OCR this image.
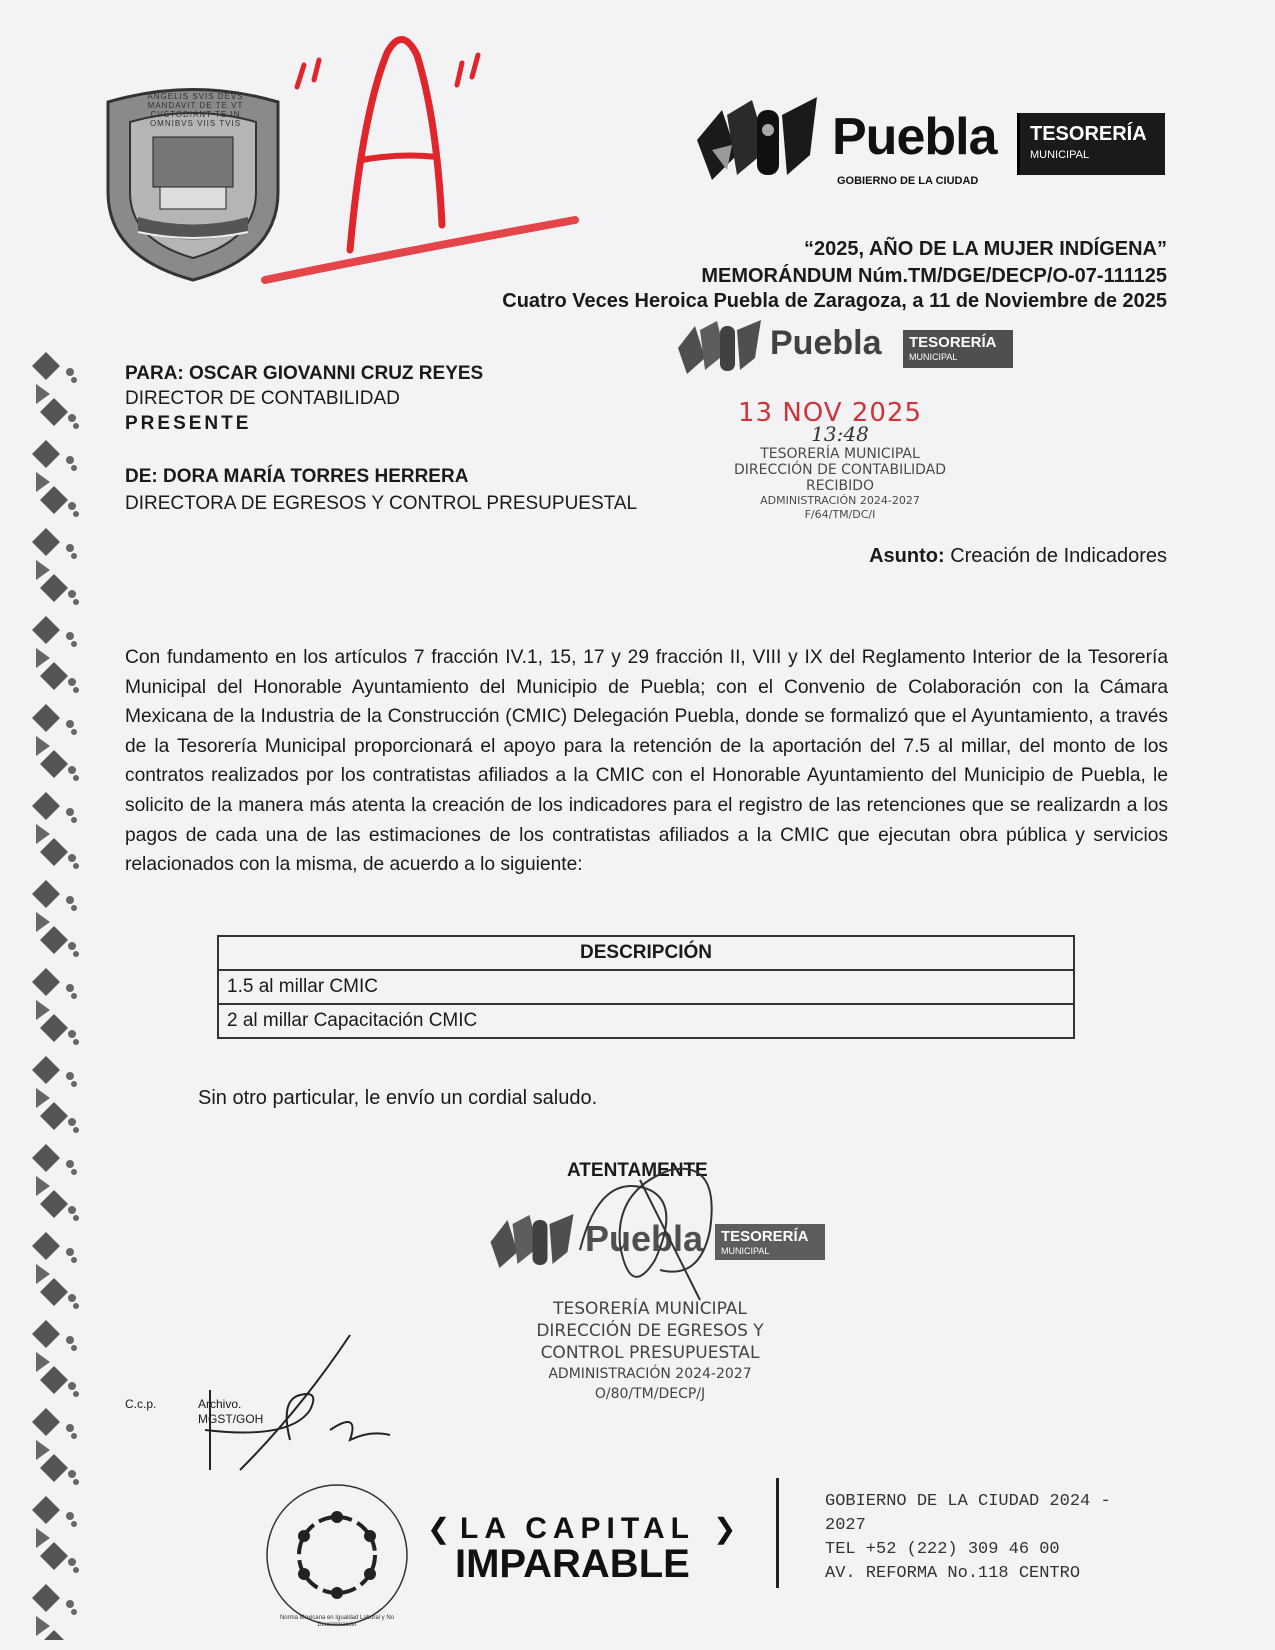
ANGELIS SVIS DEVS MANDAVIT DE TE VT CVSTODIANT TE IN OMNIBVS VIIS TVIS	Puebla
GOBIERNO DE LA CIUDAD
TESORERÍA
MUNICIPAL
“2025, AÑO DE LA MUJER INDÍGENA”
MEMORÁNDUM Núm.TM/DGE/DECP/O-07-111125
Cuatro Veces Heroica Puebla de Zaragoza, a 11 de Noviembre de 2025
Puebla TESORERÍA
MUNICIPAL
PARA: OSCAR GIOVANNI CRUZ REYES
DIRECTOR DE CONTABILIDAD
PRESENTE
DE: DORA MARÍA TORRES HERRERA
DIRECTORA DE EGRESOS Y CONTROL PRESUPUESTAL
13 NOV 2025
13:48
TESORERÍA MUNICIPAL
DIRECCIÓN DE CONTABILIDAD
RECIBIDO
ADMINISTRACIÓN 2024-2027
F/64/TM/DC/I
Asunto: Creación de Indicadores
Con fundamento en los artículos 7 fracción IV.1, 15, 17 y 29 fracción II, VIII y IX del Reglamento Interior de la Tesorería Municipal del Honorable Ayuntamiento del Municipio de Puebla; con el Convenio de Colaboración con la Cámara Mexicana de la Industria de la Construcción (CMIC) Delegación Puebla, donde se formalizó que el Ayuntamiento, a través de la Tesorería Municipal proporcionará el apoyo para la retención de la aportación del 7.5 al millar, del monto de los contratos realizados por los contratistas afiliados a la CMIC con el Honorable Ayuntamiento del Municipio de Puebla, le solicito de la manera más atenta la creación de los indicadores para el registro de las retenciones que se realizardn a los pagos de cada una de las estimaciones de los contratistas afiliados a la CMIC que ejecutan obra pública y servicios relacionados con la misma, de acuerdo a lo siguiente:
DESCRIPCIÓN
1.5 al millar CMIC
2 al millar Capacitación CMIC
Sin otro particular, le envío un cordial saludo.
ATENTAMENTE
Puebla TESORERÍA
MUNICIPAL
TESORERÍA MUNICIPAL
DIRECCIÓN DE EGRESOS Y
CONTROL PRESUPUESTAL
ADMINISTRACIÓN 2024-2027
O/80/TM/DECP/J
C.c.p.	Archivo.
MGST/GOH
Norma Mexicana en Igualdad Laboral y No Discriminación
❮ LA CAPITAL ❯
IMPARABLE
GOBIERNO DE LA CIUDAD 2024 -
2027
TEL +52 (222) 309 46 00
AV. REFORMA No.118 CENTRO
